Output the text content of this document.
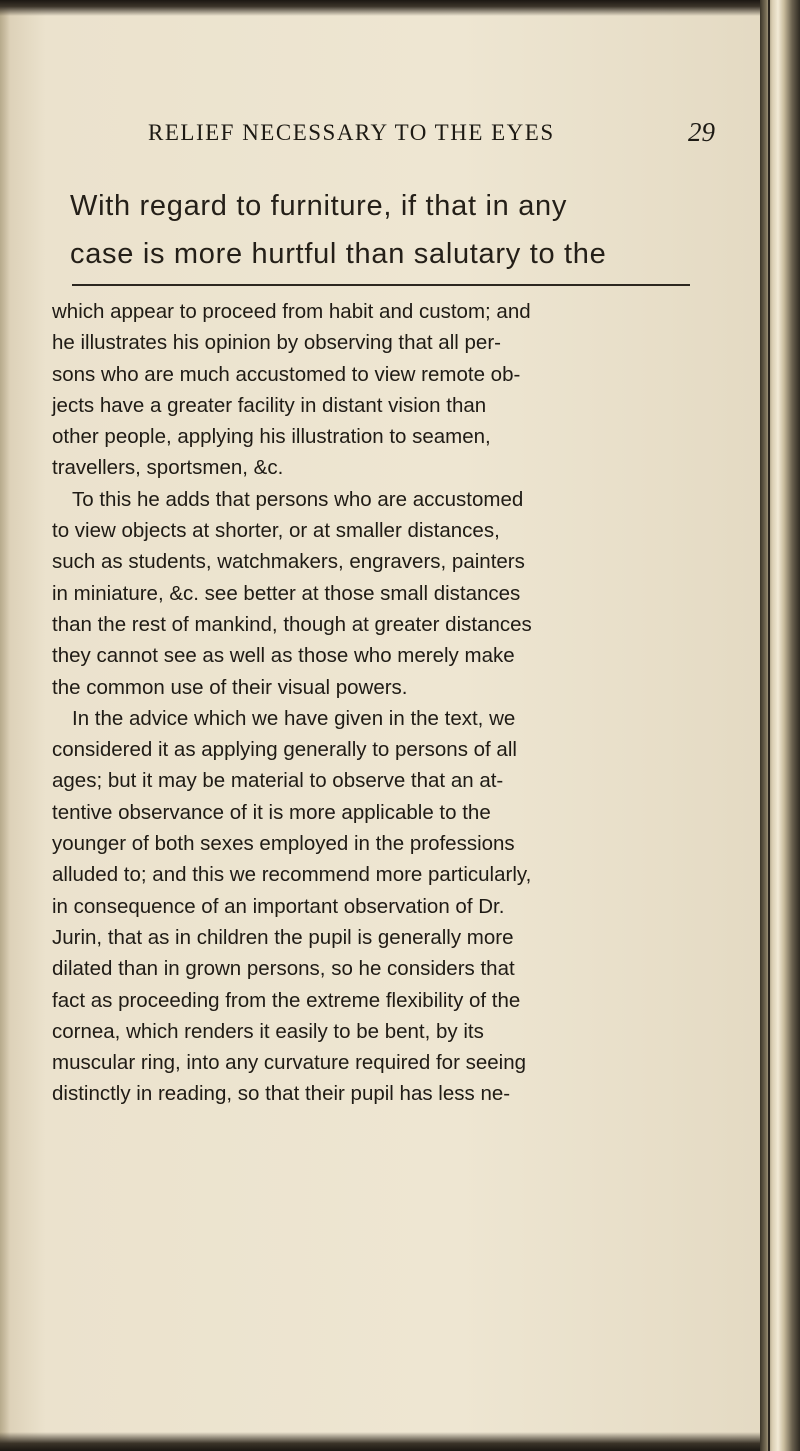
RELIEF NECESSARY TO THE EYES	29
With regard to furniture, if that in any
case is more hurtful than salutary to the
which appear to proceed from habit and custom; and
he illustrates his opinion by observing that all per-
sons who are much accustomed to view remote ob-
jects have a greater facility in distant vision than
other people, applying his illustration to seamen,
travellers, sportsmen, &c.
To this he adds that persons who are accustomed
to view objects at shorter, or at smaller distances,
such as students, watchmakers, engravers, painters
in miniature, &c. see better at those small distances
than the rest of mankind, though at greater distances
they cannot see as well as those who merely make
the common use of their visual powers.
In the advice which we have given in the text, we
considered it as applying generally to persons of all
ages; but it may be material to observe that an at-
tentive observance of it is more applicable to the
younger of both sexes employed in the professions
alluded to; and this we recommend more particularly,
in consequence of an important observation of Dr.
Jurin, that as in children the pupil is generally more
dilated than in grown persons, so he considers that
fact as proceeding from the extreme flexibility of the
cornea, which renders it easily to be bent, by its
muscular ring, into any curvature required for seeing
distinctly in reading, so that their pupil has less ne-
